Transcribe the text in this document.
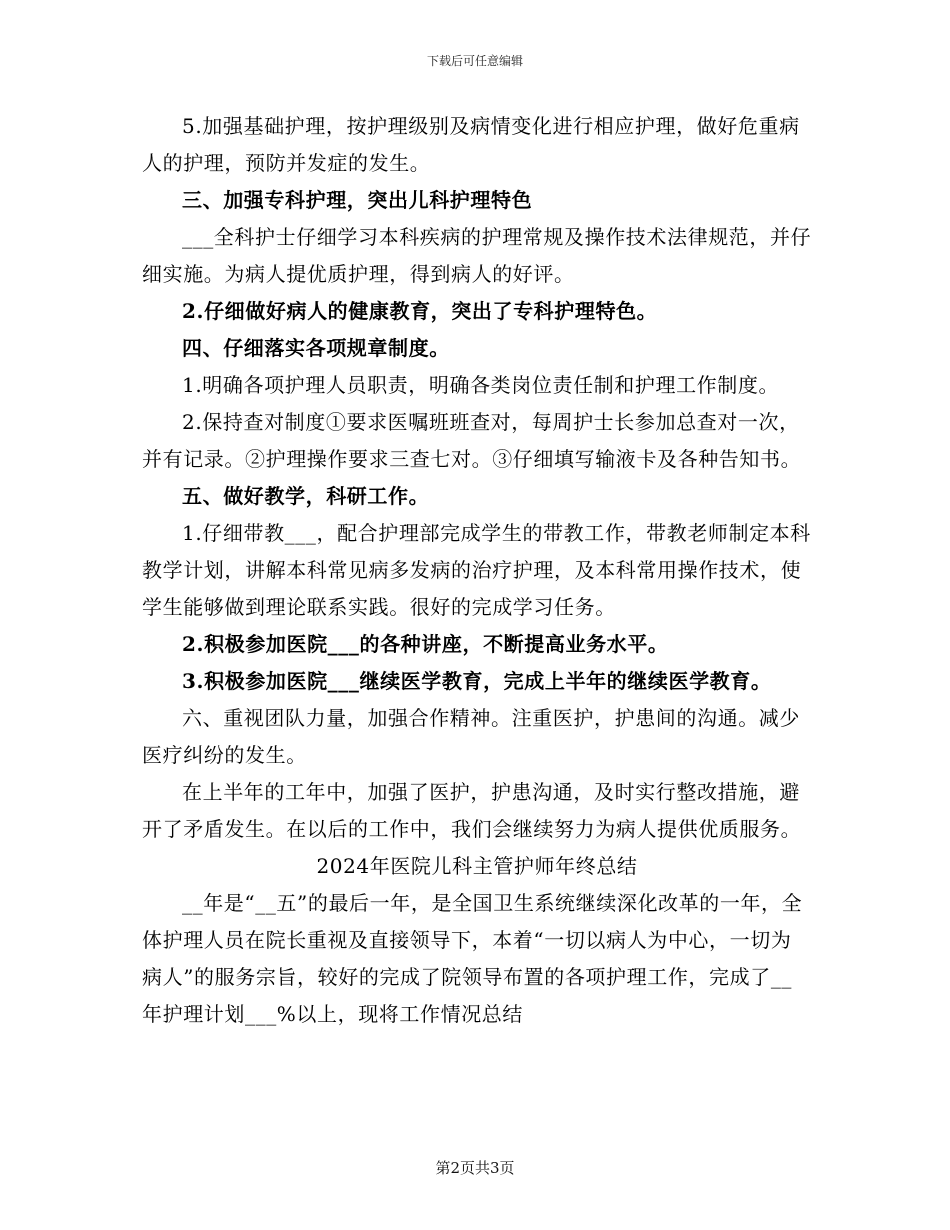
下载后可任意编辑

5.加强基础护理，按护理级别及病情变化进行相应护理，做好危重病人的护理，预防并发症的发生。

三、加强专科护理，突出儿科护理特色

___全科护士仔细学习本科疾病的护理常规及操作技术法律规范，并仔细实施。为病人提优质护理，得到病人的好评。

2.仔细做好病人的健康教育，突出了专科护理特色。

四、仔细落实各项规章制度。

1.明确各项护理人员职责，明确各类岗位责任制和护理工作制度。

2.保持查对制度①要求医嘱班班查对，每周护士长参加总查对一次，并有记录。②护理操作要求三查七对。③仔细填写输液卡及各种告知书。

五、做好教学，科研工作。

1.仔细带教___，配合护理部完成学生的带教工作，带教老师制定本科教学计划，讲解本科常见病多发病的治疗护理，及本科常用操作技术，使学生能够做到理论联系实践。很好的完成学习任务。

2.积极参加医院___的各种讲座，不断提高业务水平。

3.积极参加医院___继续医学教育，完成上半年的继续医学教育。

六、重视团队力量，加强合作精神。注重医护，护患间的沟通。减少医疗纠纷的发生。

在上半年的工年中，加强了医护，护患沟通，及时实行整改措施，避开了矛盾发生。在以后的工作中，我们会继续努力为病人提供优质服务。

2024年医院儿科主管护师年终总结

__年是“__五”的最后一年，是全国卫生系统继续深化改革的一年，全体护理人员在院长重视及直接领导下，本着“一切以病人为中心，一切为病人”的服务宗旨，较好的完成了院领导布置的各项护理工作，完成了__年护理计划___%以上，现将工作情况总结

第2页共3页
